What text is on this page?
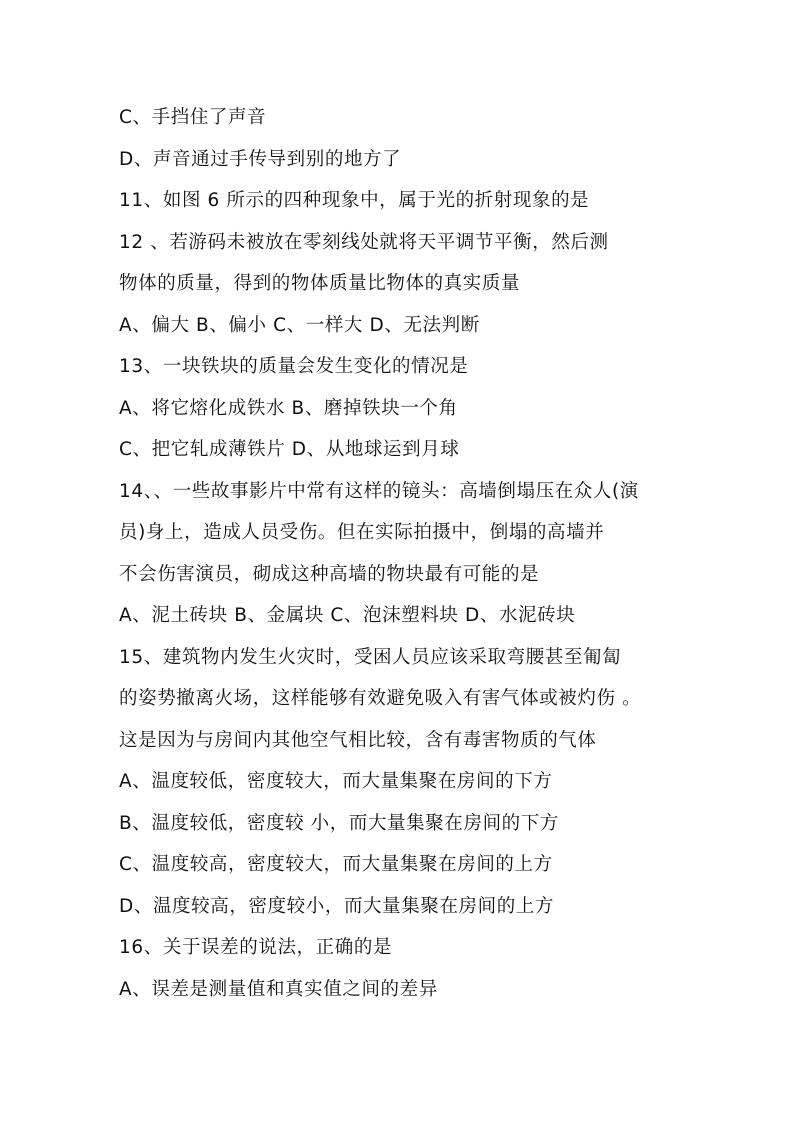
C、手挡住了声音

D、声音通过手传导到别的地方了

11、如图 6 所示的四种现象中，属于光的折射现象的是

12 、若游码未被放在零刻线处就将天平调节平衡，然后测

物体的质量，得到的物体质量比物体的真实质量

A、偏大 B、偏小 C、一样大 D、无法判断

13、一块铁块的质量会发生变化的情况是

A、将它熔化成铁水 B、磨掉铁块一个角

C、把它轧成薄铁片 D、从地球运到月球

14、、一些故事影片中常有这样的镜头：高墙倒塌压在众人(演

员)身上，造成人员受伤。但在实际拍摄中，倒塌的高墙并

不会伤害演员，砌成这种高墙的物块最有可能的是

A、泥土砖块 B、金属块 C、泡沫塑料块 D、水泥砖块

15、建筑物内发生火灾时，受困人员应该采取弯腰甚至匍匐

的姿势撤离火场，这样能够有效避免吸入有害气体或被灼伤 。

这是因为与房间内其他空气相比较，含有毒害物质的气体

A、温度较低，密度较大，而大量集聚在房间的下方

B、温度较低，密度较 小，而大量集聚在房间的下方

C、温度较高，密度较大，而大量集聚在房间的上方

D、温度较高，密度较小，而大量集聚在房间的上方

16、关于误差的说法，正确的是

A、误差是测量值和真实值之间的差异
